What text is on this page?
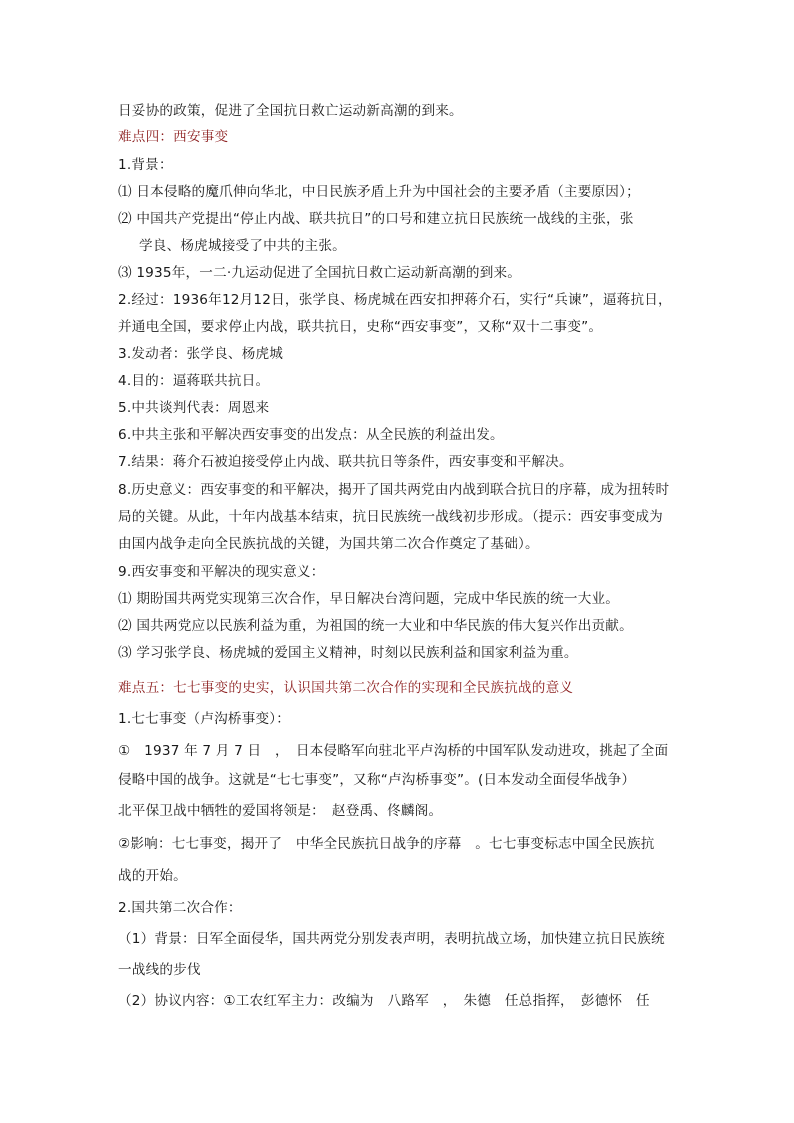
日妥协的政策，促进了全国抗日救亡运动新高潮的到来。
难点四：西安事变
1.背景：
⑴ 日本侵略的魔爪伸向华北，中日民族矛盾上升为中国社会的主要矛盾（主要原因）；
⑵ 中国共产党提出“停止内战、联共抗日”的口号和建立抗日民族统一战线的主张，张
学良、杨虎城接受了中共的主张。
⑶ 1935年，一二·九运动促进了全国抗日救亡运动新高潮的到来。
2.经过：1936年12月12日，张学良、杨虎城在西安扣押蒋介石，实行“兵谏”，逼蒋抗日，
并通电全国，要求停止内战，联共抗日，史称“西安事变”，又称“双十二事变”。
3.发动者：张学良、杨虎城
4.目的：逼蒋联共抗日。
5.中共谈判代表：周恩来
6.中共主张和平解决西安事变的出发点：从全民族的利益出发。
7.结果：蒋介石被迫接受停止内战、联共抗日等条件，西安事变和平解决。
8.历史意义：西安事变的和平解决，揭开了国共两党由内战到联合抗日的序幕，成为扭转时
局的关键。从此，十年内战基本结束，抗日民族统一战线初步形成。（提示：西安事变成为
由国内战争走向全民族抗战的关键，为国共第二次合作奠定了基础）。
9.西安事变和平解决的现实意义：
⑴ 期盼国共两党实现第三次合作，早日解决台湾问题，完成中华民族的统一大业。
⑵ 国共两党应以民族利益为重，为祖国的统一大业和中华民族的伟大复兴作出贡献。
⑶ 学习张学良、杨虎城的爱国主义精神，时刻以民族利益和国家利益为重。
难点五：七七事变的史实，认识国共第二次合作的实现和全民族抗战的意义
1.七七事变（卢沟桥事变）：
①　1937 年 7 月 7 日　，　日本侵略军向驻北平卢沟桥的中国军队发动进攻，挑起了全面
侵略中国的战争。这就是“七七事变”，又称“卢沟桥事变”。(日本发动全面侵华战争）
北平保卫战中牺牲的爱国将领是：　赵登禹、佟麟阁。
②影响：七七事变，揭开了　中华全民族抗日战争的序幕　。七七事变标志中国全民族抗
战的开始。
2.国共第二次合作：
（1）背景：日军全面侵华，国共两党分别发表声明，表明抗战立场，加快建立抗日民族统
一战线的步伐
（2）协议内容：①工农红军主力：改编为　八路军　，　朱德　任总指挥，　彭德怀　任
